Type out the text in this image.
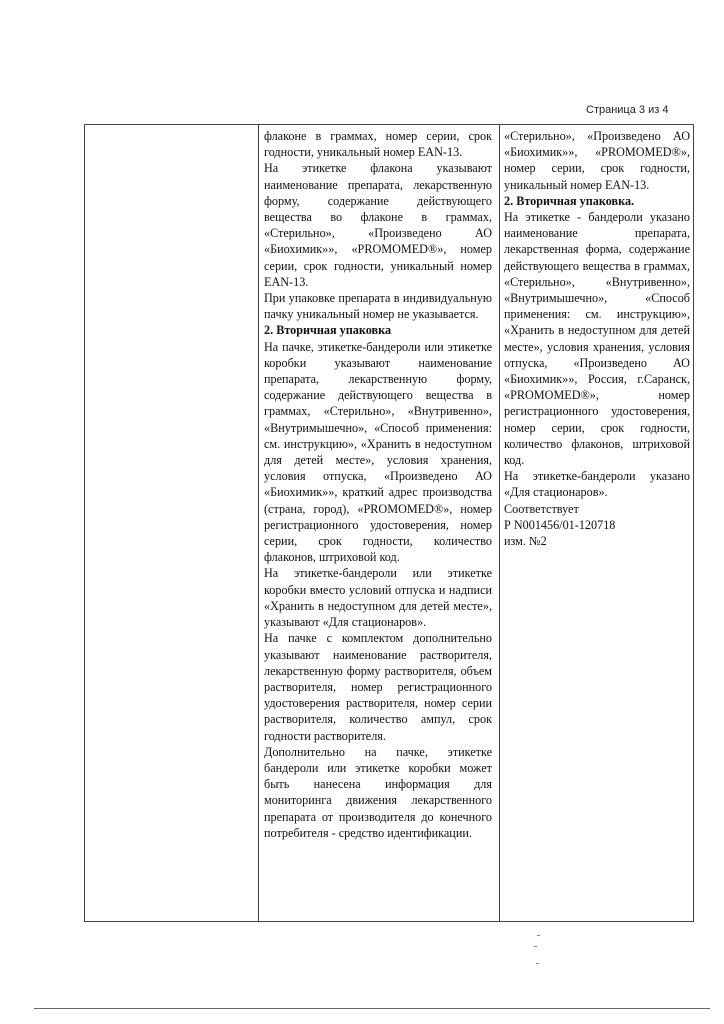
Страница 3 из 4

флаконе в граммах, номер серии, срок годности, уникальный номер EAN-13.

На этикетке флакона указывают наименование препарата, лекарственную форму, содержание действующего вещества во флаконе в граммах, «Стерильно», «Произведено АО «Биохимик»», «PROMOMED®», номер серии, срок годности, уникальный номер EAN-13.

При упаковке препарата в индивидуальную пачку уникальный номер не указывается.

2. Вторичная упаковка

На пачке, этикетке-бандероли или этикетке коробки указывают наименование препарата, лекарственную форму, содержание действующего вещества в граммах, «Стерильно», «Внутривенно», «Внутримышечно», «Способ применения: см. инструкцию», «Хранить в недоступном для детей месте», условия хранения, условия отпуска, «Произведено АО «Биохимик»», краткий адрес производства (страна, город), «PROMOMED®», номер регистрационного удостоверения, номер серии, срок годности, количество флаконов, штриховой код.

На этикетке-бандероли или этикетке коробки вместо условий отпуска и надписи «Хранить в недоступном для детей месте», указывают «Для стационаров».

На пачке с комплектом дополнительно указывают наименование растворителя, лекарственную форму растворителя, объем растворителя, номер регистрационного удостоверения растворителя, номер серии растворителя, количество ампул, срок годности растворителя.

Дополнительно на пачке, этикетке бандероли или этикетке коробки может быть нанесена информация для мониторинга движения лекарственного препарата от производителя до конечного потребителя - средство идентификации.

«Стерильно», «Произведено АО «Биохимик»», «PROMOMED®», номер серии, срок годности, уникальный номер EAN-13.

2. Вторичная упаковка.

На этикетке - бандероли указано наименование препарата, лекарственная форма, содержание действующего вещества в граммах, «Стерильно», «Внутривенно», «Внутримышечно», «Способ применения: см. инструкцию», «Хранить в недоступном для детей месте», условия хранения, условия отпуска, «Произведено АО «Биохимик»», Россия, г.Саранск, «PROMOMED®», номер регистрационного удостоверения, номер серии, срок годности, количество флаконов, штриховой код.

На этикетке-бандероли указано «Для стационаров».

Соответствует

Р N001456/01-120718

изм. №2
